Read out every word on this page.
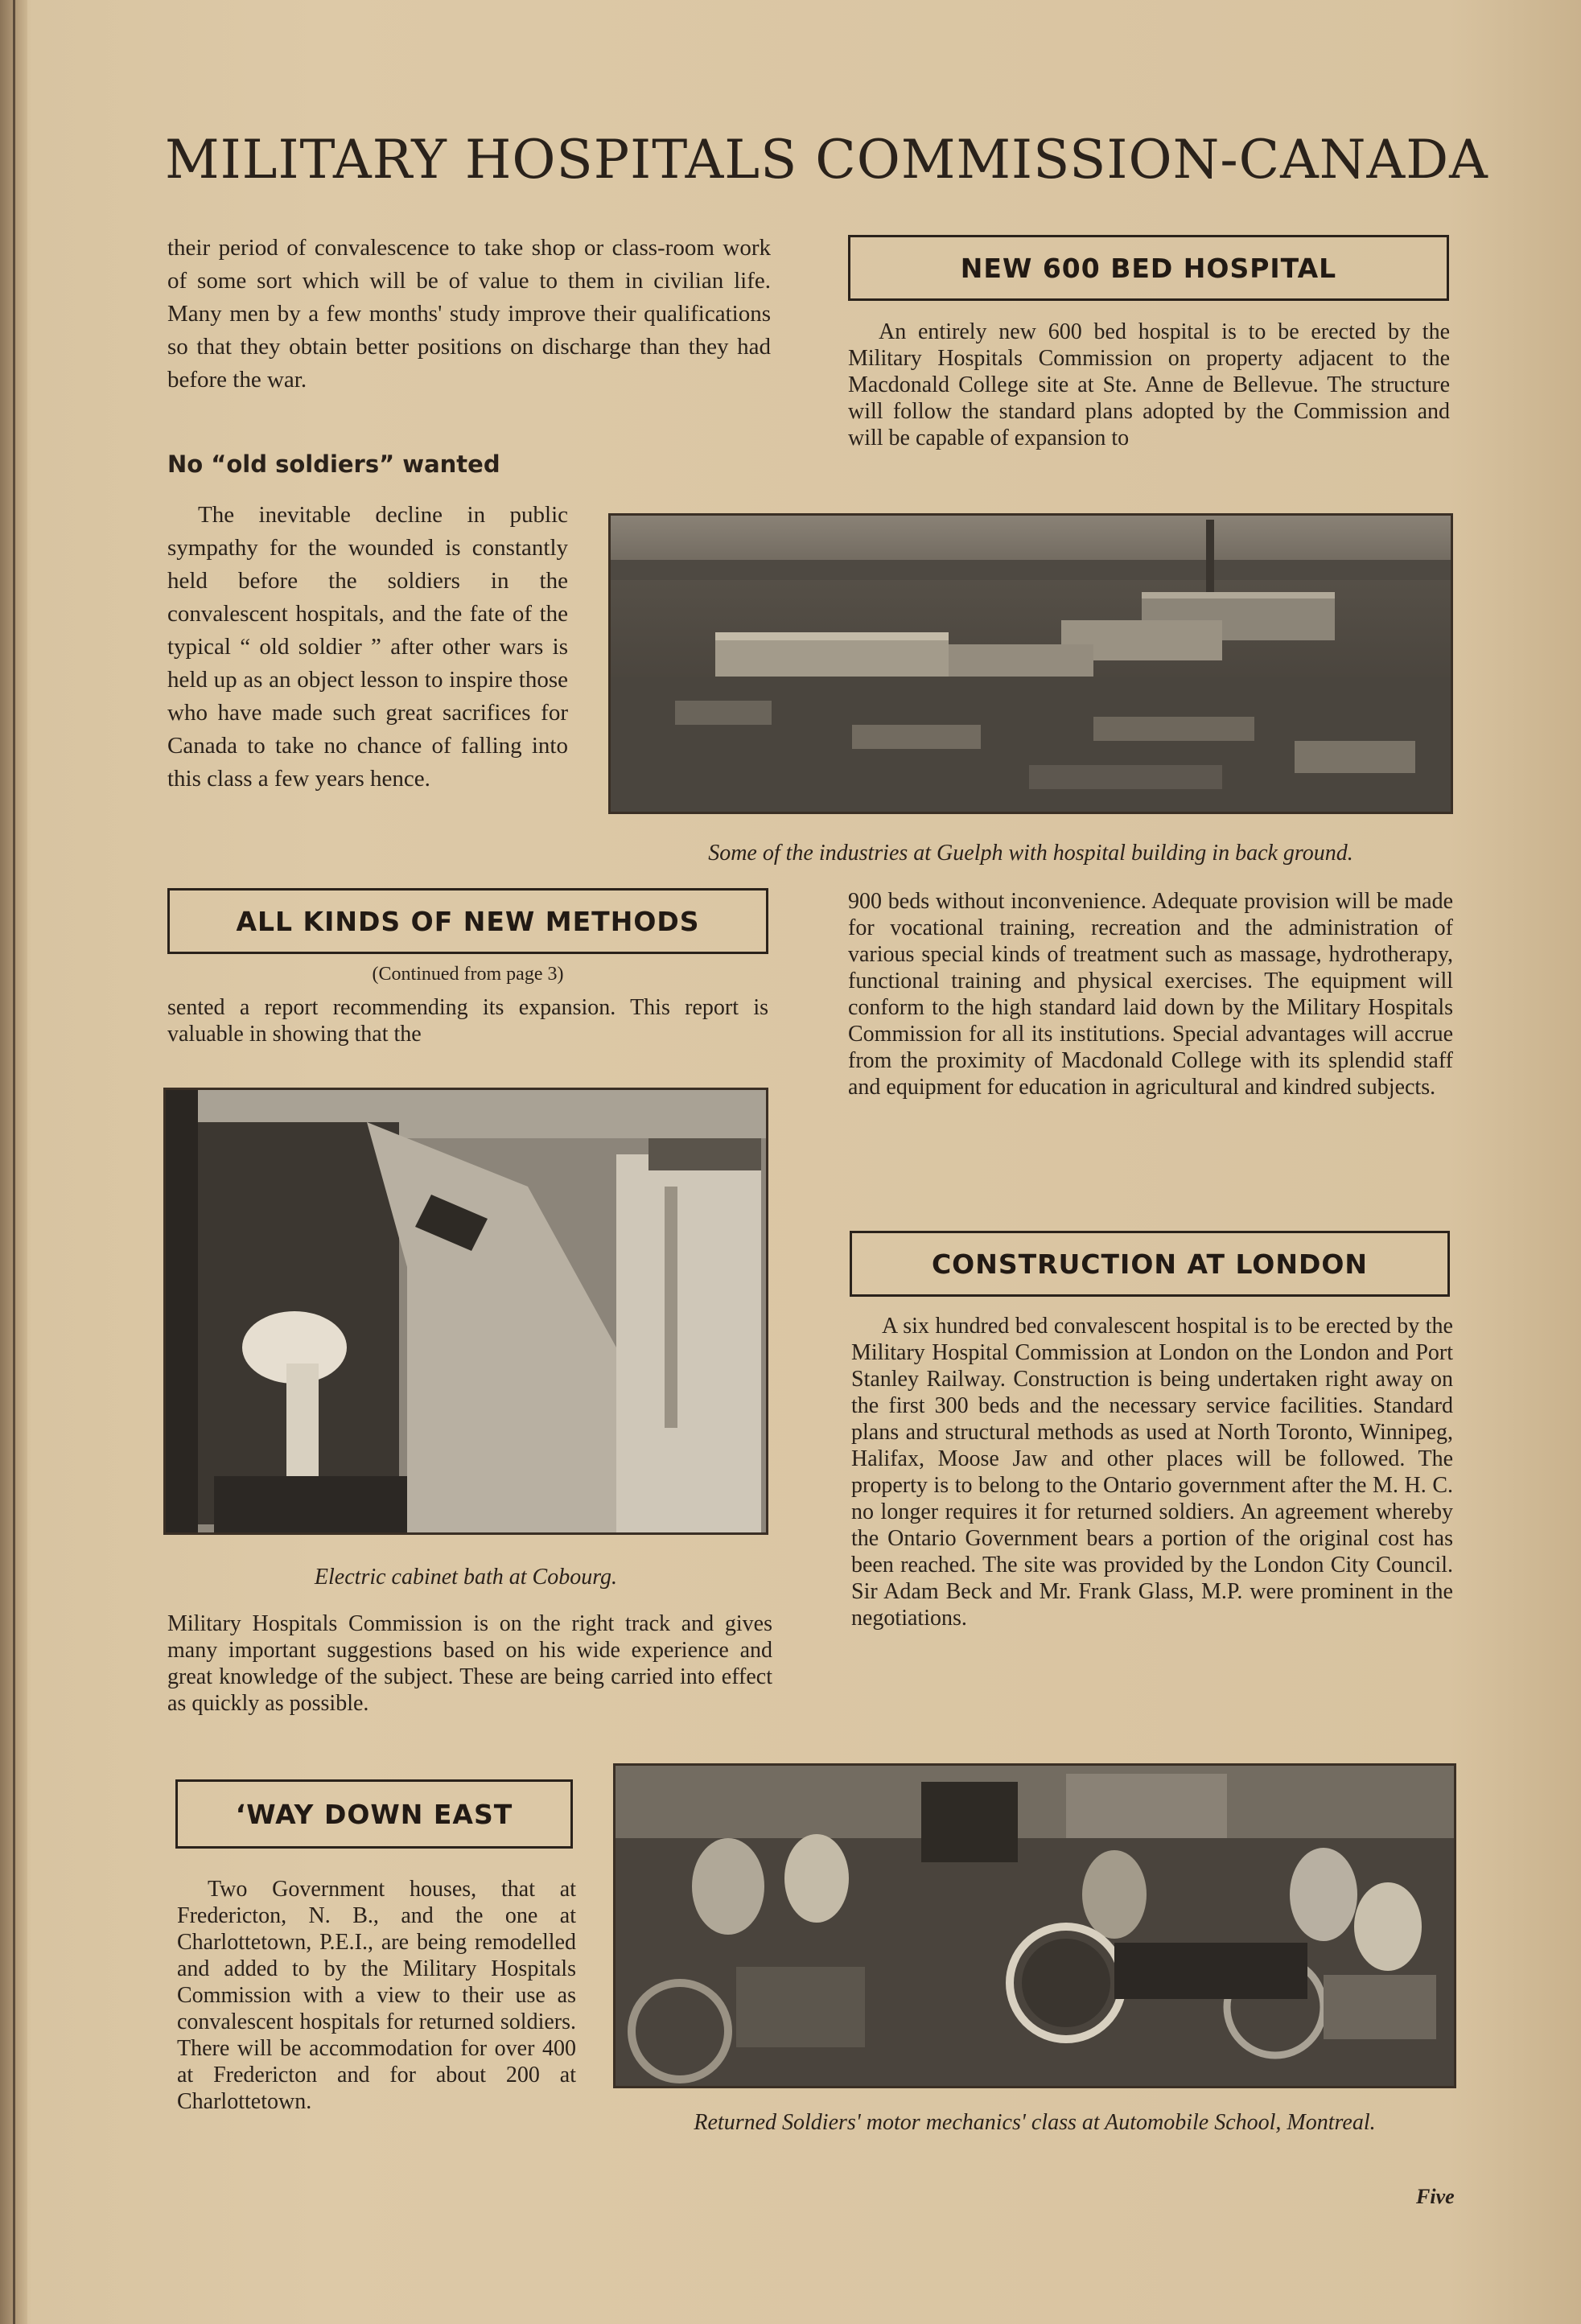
MILITARY HOSPITALS COMMISSION-CANADA

their period of convalescence to take shop or class-room work of some sort which will be of value to them in civilian life. Many men by a few months' study improve their qualifications so that they obtain better positions on discharge than they had before the war.

No “old soldiers” wanted

The inevitable decline in public sympathy for the wounded is constantly held before the soldiers in the convalescent hospitals, and the fate of the typical “ old soldier ” after other wars is held up as an object lesson to inspire those who have made such great sacrifices for Canada to take no chance of falling into this class a few years hence.

NEW 600 BED HOSPITAL

An entirely new 600 bed hospital is to be erected by the Military Hospitals Commission on property adjacent to the Macdonald College site at Ste. Anne de Bellevue. The structure will follow the standard plans adopted by the Commission and will be capable of expansion to

Some of the industries at Guelph with hospital building in back ground.

ALL KINDS OF NEW METHODS

(Continued from page 3)

sented a report recommending its expansion. This report is valuable in showing that the

Electric cabinet bath at Cobourg.

Military Hospitals Commission is on the right track and gives many important suggestions based on his wide experience and great knowledge of the subject. These are being carried into effect as quickly as possible.

900 beds without inconvenience. Adequate provision will be made for vocational training, recreation and the administration of various special kinds of treatment such as massage, hydrotherapy, functional training and physical exercises. The equipment will conform to the high standard laid down by the Military Hospitals Commission for all its institutions. Special advantages will accrue from the proximity of Macdonald College with its splendid staff and equipment for education in agricultural and kindred subjects.

CONSTRUCTION AT LONDON

A six hundred bed convalescent hospital is to be erected by the Military Hospital Commission at London on the London and Port Stanley Railway. Construction is being undertaken right away on the first 300 beds and the necessary service facilities. Standard plans and structural methods as used at North Toronto, Winnipeg, Halifax, Moose Jaw and other places will be followed. The property is to belong to the Ontario government after the M. H. C. no longer requires it for returned soldiers. An agreement whereby the Ontario Government bears a portion of the original cost has been reached. The site was provided by the London City Council. Sir Adam Beck and Mr. Frank Glass, M.P. were prominent in the negotiations.

‘WAY DOWN EAST

Two Government houses, that at Fredericton, N. B., and the one at Charlottetown, P.E.I., are being remodelled and added to by the Military Hospitals Commission with a view to their use as convalescent hospitals for returned soldiers. There will be accommodation for over 400 at Fredericton and for about 200 at Charlottetown.

Returned Soldiers' motor mechanics' class at Automobile School, Montreal.

Five
